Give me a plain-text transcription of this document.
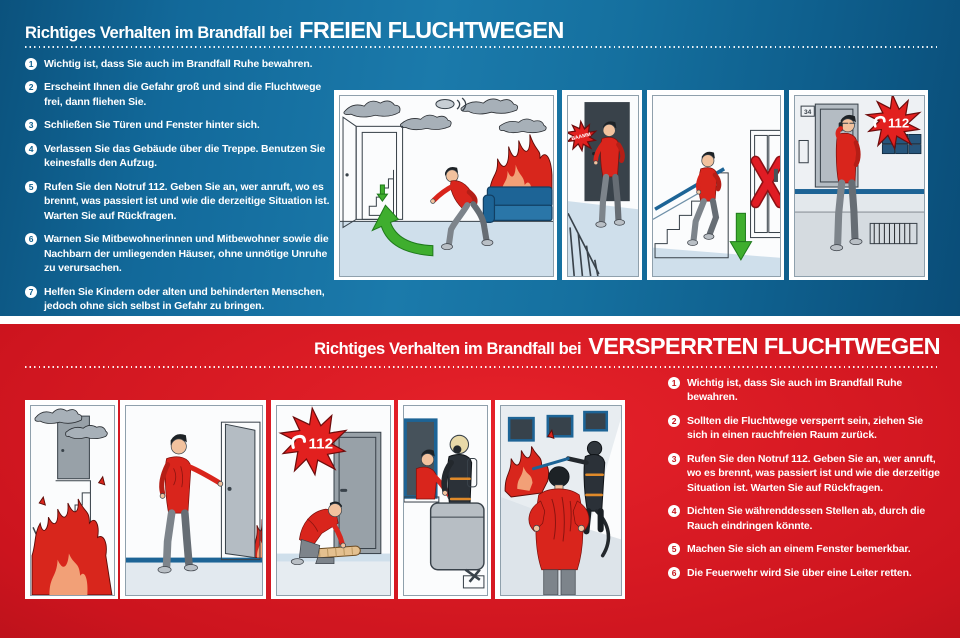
Richtiges Verhalten im Brandfall bei FREIEN FLUCHTWEGEN
1	Wichtig ist, dass Sie auch im Brandfall Ruhe bewahren.
2	Erscheint Ihnen die Gefahr groß und sind die Fluchtwege frei, dann fliehen Sie.
3	Schließen Sie Türen und Fenster hinter sich.
4	Verlassen Sie das Gebäude über die Treppe. Benutzen Sie keinesfalls den Aufzug.
5	Rufen Sie den Notruf 112. Geben Sie an, wer anruft, wo es brennt, was passiert ist und wie die derzeitige Situation ist. Warten Sie auf Rückfragen.
6	Warnen Sie Mitbewohnerinnen und Mitbewohner sowie die Nachbarn der umliegenden Häuser, ohne unnötige Unruhe zu verursachen.
7	Helfen Sie Kindern oder alten und behinderten Menschen, jedoch ohne sich selbst in Gefahr zu bringen.
BAAMM
34
112
Richtiges Verhalten im Brandfall bei VERSPERRTEN FLUCHTWEGEN
1	Wichtig ist, dass Sie auch im Brandfall Ruhe bewahren.
2	Sollten die Fluchtwege versperrt sein, ziehen Sie sich in einen rauchfreien Raum zurück.
3	Rufen Sie den Notruf 112. Geben Sie an, wer anruft, wo es brennt, was passiert ist und wie die derzeitige Situation ist. Warten Sie auf Rückfragen.
4	Dichten Sie währenddessen Stellen ab, durch die Rauch eindringen könnte.
5	Machen Sie sich an einem Fenster bemerkbar.
6	Die Feuerwehr wird Sie über eine Leiter retten.
112
